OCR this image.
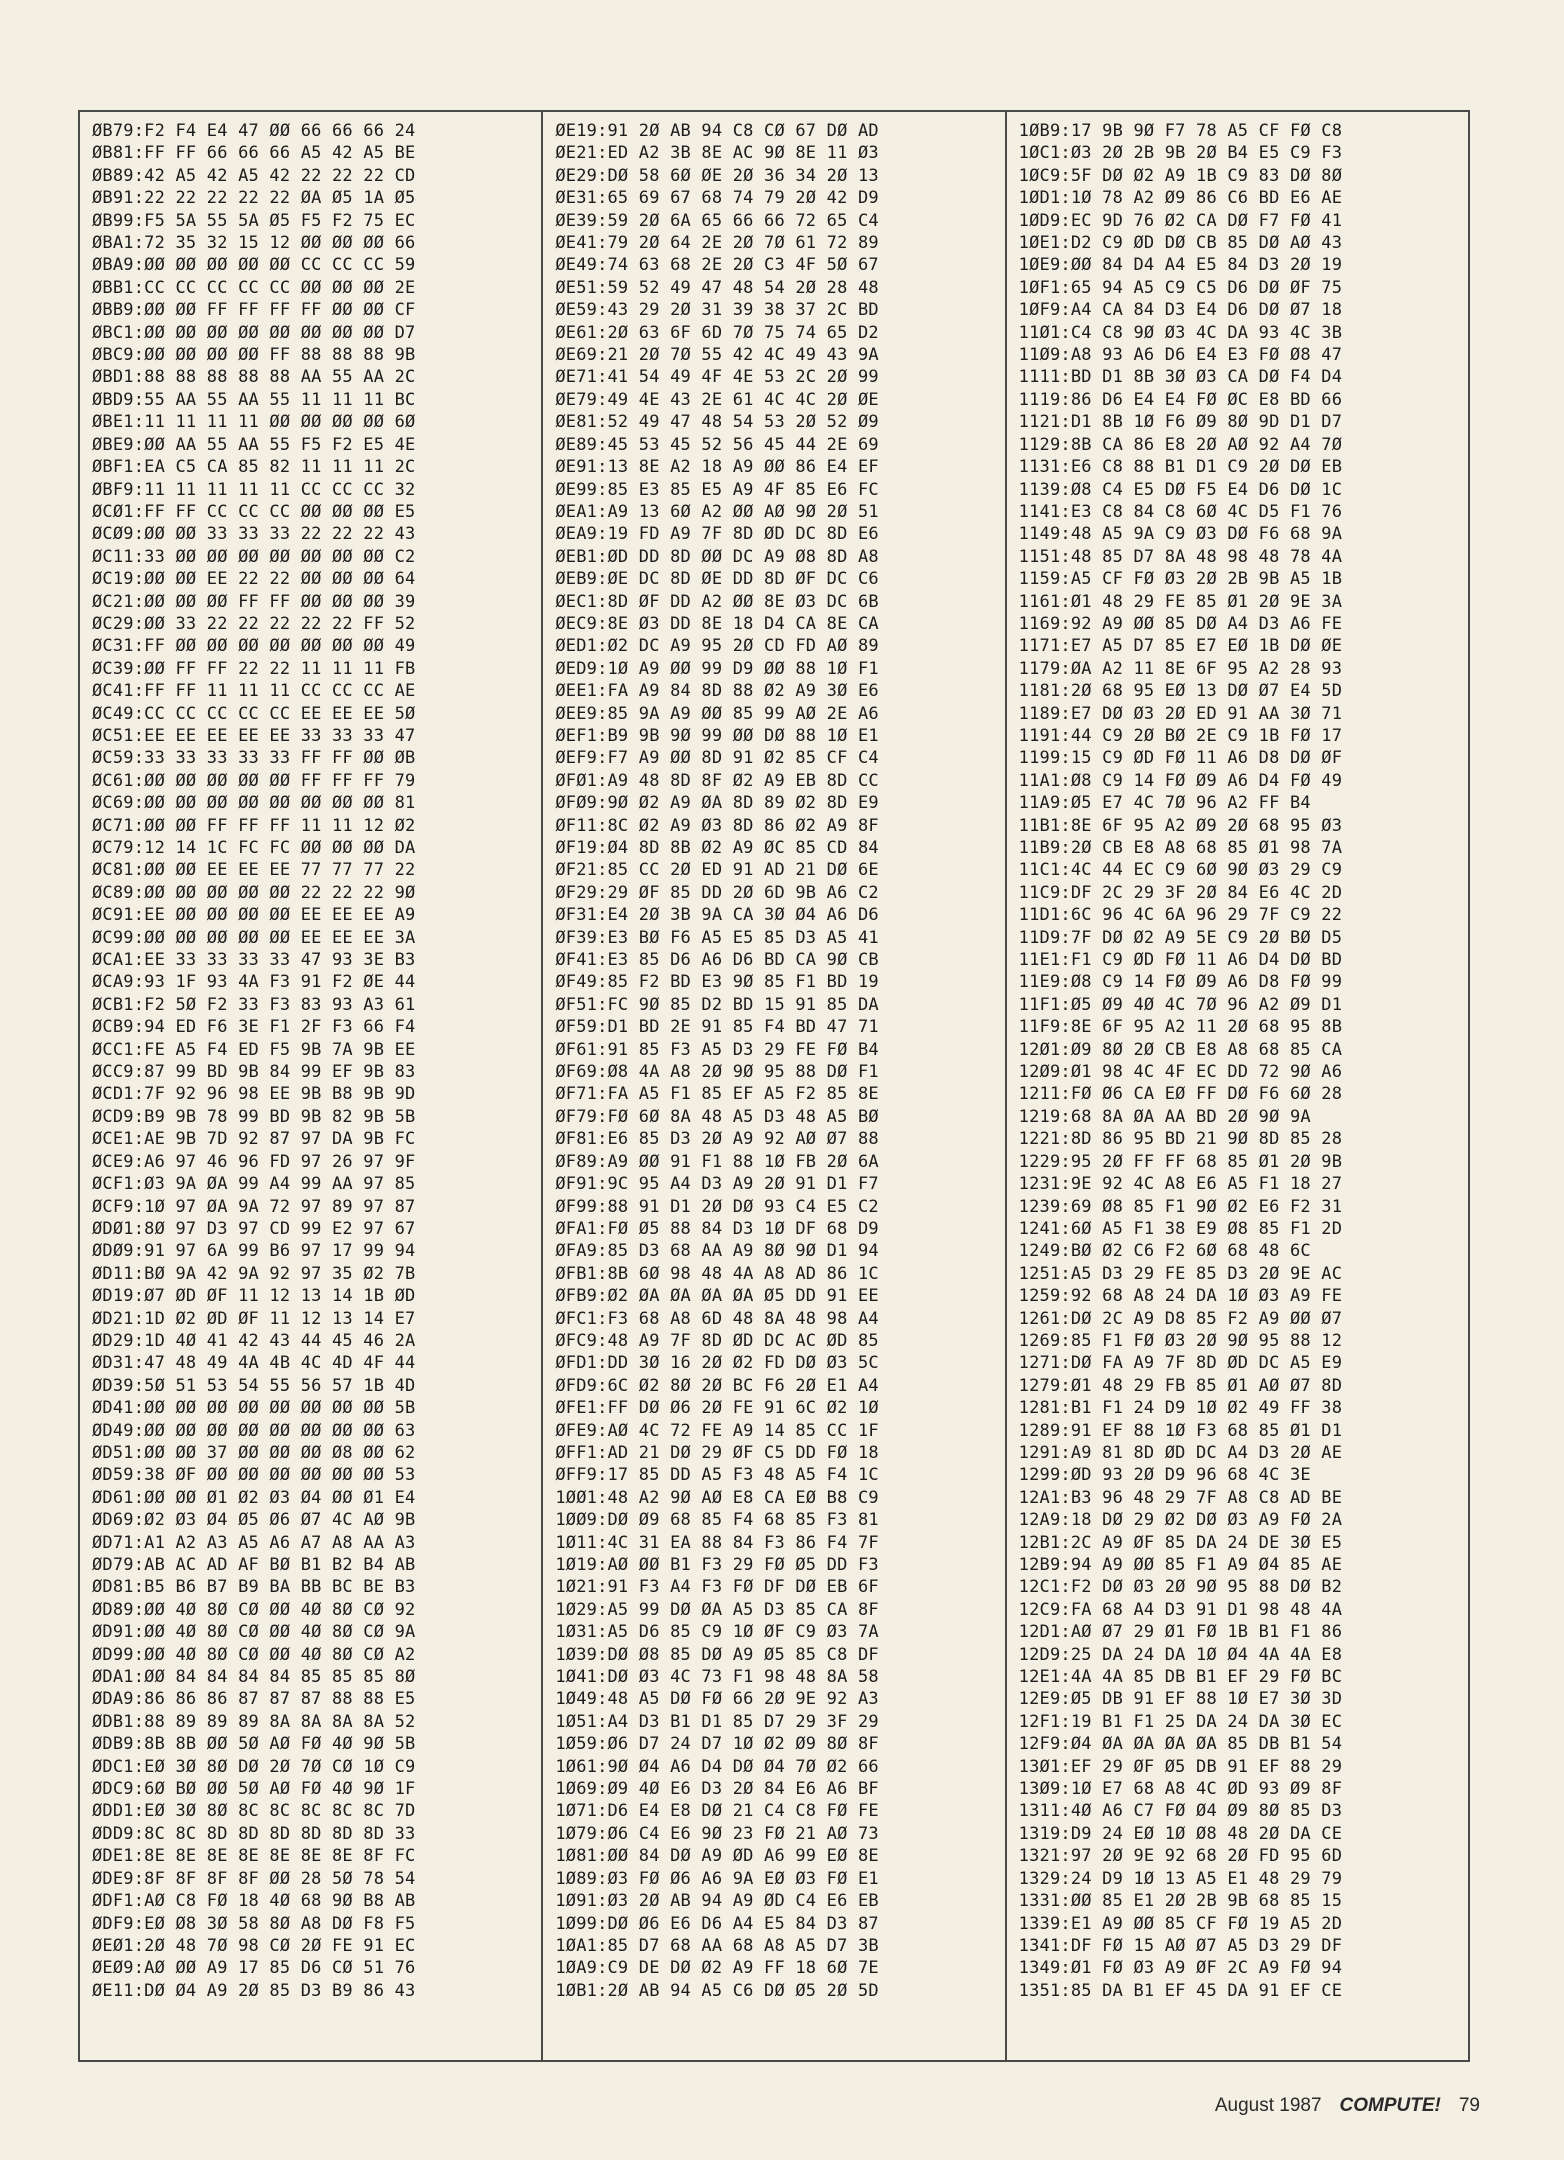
ØB79:F2 F4 E4 47 ØØ 66 66 66 24
ØB81:FF FF 66 66 66 A5 42 A5 BE
ØB89:42 A5 42 A5 42 22 22 22 CD
ØB91:22 22 22 22 22 ØA Ø5 1A Ø5
ØB99:F5 5A 55 5A Ø5 F5 F2 75 EC
ØBA1:72 35 32 15 12 ØØ ØØ ØØ 66
ØBA9:ØØ ØØ ØØ ØØ ØØ CC CC CC 59
ØBB1:CC CC CC CC CC ØØ ØØ ØØ 2E
ØBB9:ØØ ØØ FF FF FF FF ØØ ØØ CF
ØBC1:ØØ ØØ ØØ ØØ ØØ ØØ ØØ ØØ D7
ØBC9:ØØ ØØ ØØ ØØ FF 88 88 88 9B
ØBD1:88 88 88 88 88 AA 55 AA 2C
ØBD9:55 AA 55 AA 55 11 11 11 BC
ØBE1:11 11 11 11 ØØ ØØ ØØ ØØ 6Ø
ØBE9:ØØ AA 55 AA 55 F5 F2 E5 4E
ØBF1:EA C5 CA 85 82 11 11 11 2C
ØBF9:11 11 11 11 11 CC CC CC 32
ØCØ1:FF FF CC CC CC ØØ ØØ ØØ E5
ØCØ9:ØØ ØØ 33 33 33 22 22 22 43
ØC11:33 ØØ ØØ ØØ ØØ ØØ ØØ ØØ C2
ØC19:ØØ ØØ EE 22 22 ØØ ØØ ØØ 64
ØC21:ØØ ØØ ØØ FF FF ØØ ØØ ØØ 39
ØC29:ØØ 33 22 22 22 22 22 FF 52
ØC31:FF ØØ ØØ ØØ ØØ ØØ ØØ ØØ 49
ØC39:ØØ FF FF 22 22 11 11 11 FB
ØC41:FF FF 11 11 11 CC CC CC AE
ØC49:CC CC CC CC CC EE EE EE 5Ø
ØC51:EE EE EE EE EE 33 33 33 47
ØC59:33 33 33 33 33 FF FF ØØ ØB
ØC61:ØØ ØØ ØØ ØØ ØØ FF FF FF 79
ØC69:ØØ ØØ ØØ ØØ ØØ ØØ ØØ ØØ 81
ØC71:ØØ ØØ FF FF FF 11 11 12 Ø2
ØC79:12 14 1C FC FC ØØ ØØ ØØ DA
ØC81:ØØ ØØ EE EE EE 77 77 77 22
ØC89:ØØ ØØ ØØ ØØ ØØ 22 22 22 9Ø
ØC91:EE ØØ ØØ ØØ ØØ EE EE EE A9
ØC99:ØØ ØØ ØØ ØØ ØØ EE EE EE 3A
ØCA1:EE 33 33 33 33 47 93 3E B3
ØCA9:93 1F 93 4A F3 91 F2 ØE 44
ØCB1:F2 5Ø F2 33 F3 83 93 A3 61
ØCB9:94 ED F6 3E F1 2F F3 66 F4
ØCC1:FE A5 F4 ED F5 9B 7A 9B EE
ØCC9:87 99 BD 9B 84 99 EF 9B 83
ØCD1:7F 92 96 98 EE 9B B8 9B 9D
ØCD9:B9 9B 78 99 BD 9B 82 9B 5B
ØCE1:AE 9B 7D 92 87 97 DA 9B FC
ØCE9:A6 97 46 96 FD 97 26 97 9F
ØCF1:Ø3 9A ØA 99 A4 99 AA 97 85
ØCF9:1Ø 97 ØA 9A 72 97 89 97 87
ØDØ1:8Ø 97 D3 97 CD 99 E2 97 67
ØDØ9:91 97 6A 99 B6 97 17 99 94
ØD11:BØ 9A 42 9A 92 97 35 Ø2 7B
ØD19:Ø7 ØD ØF 11 12 13 14 1B ØD
ØD21:1D Ø2 ØD ØF 11 12 13 14 E7
ØD29:1D 4Ø 41 42 43 44 45 46 2A
ØD31:47 48 49 4A 4B 4C 4D 4F 44
ØD39:5Ø 51 53 54 55 56 57 1B 4D
ØD41:ØØ ØØ ØØ ØØ ØØ ØØ ØØ ØØ 5B
ØD49:ØØ ØØ ØØ ØØ ØØ ØØ ØØ ØØ 63
ØD51:ØØ ØØ 37 ØØ ØØ ØØ Ø8 ØØ 62
ØD59:38 ØF ØØ ØØ ØØ ØØ ØØ ØØ 53
ØD61:ØØ ØØ Ø1 Ø2 Ø3 Ø4 ØØ Ø1 E4
ØD69:Ø2 Ø3 Ø4 Ø5 Ø6 Ø7 4C AØ 9B
ØD71:A1 A2 A3 A5 A6 A7 A8 AA A3
ØD79:AB AC AD AF BØ B1 B2 B4 AB
ØD81:B5 B6 B7 B9 BA BB BC BE B3
ØD89:ØØ 4Ø 8Ø CØ ØØ 4Ø 8Ø CØ 92
ØD91:ØØ 4Ø 8Ø CØ ØØ 4Ø 8Ø CØ 9A
ØD99:ØØ 4Ø 8Ø CØ ØØ 4Ø 8Ø CØ A2
ØDA1:ØØ 84 84 84 84 85 85 85 8Ø
ØDA9:86 86 86 87 87 87 88 88 E5
ØDB1:88 89 89 89 8A 8A 8A 8A 52
ØDB9:8B 8B ØØ 5Ø AØ FØ 4Ø 9Ø 5B
ØDC1:EØ 3Ø 8Ø DØ 2Ø 7Ø CØ 1Ø C9
ØDC9:6Ø BØ ØØ 5Ø AØ FØ 4Ø 9Ø 1F
ØDD1:EØ 3Ø 8Ø 8C 8C 8C 8C 8C 7D
ØDD9:8C 8C 8D 8D 8D 8D 8D 8D 33
ØDE1:8E 8E 8E 8E 8E 8E 8E 8F FC
ØDE9:8F 8F 8F 8F ØØ 28 5Ø 78 54
ØDF1:AØ C8 FØ 18 4Ø 68 9Ø B8 AB
ØDF9:EØ Ø8 3Ø 58 8Ø A8 DØ F8 F5
ØEØ1:2Ø 48 7Ø 98 CØ 2Ø FE 91 EC
ØEØ9:AØ ØØ A9 17 85 D6 CØ 51 76
ØE11:DØ Ø4 A9 2Ø 85 D3 B9 86 43
ØE19:91 2Ø AB 94 C8 CØ 67 DØ AD
ØE21:ED A2 3B 8E AC 9Ø 8E 11 Ø3
ØE29:DØ 58 6Ø ØE 2Ø 36 34 2Ø 13
ØE31:65 69 67 68 74 79 2Ø 42 D9
ØE39:59 2Ø 6A 65 66 66 72 65 C4
ØE41:79 2Ø 64 2E 2Ø 7Ø 61 72 89
ØE49:74 63 68 2E 2Ø C3 4F 5Ø 67
ØE51:59 52 49 47 48 54 2Ø 28 48
ØE59:43 29 2Ø 31 39 38 37 2C BD
ØE61:2Ø 63 6F 6D 7Ø 75 74 65 D2
ØE69:21 2Ø 7Ø 55 42 4C 49 43 9A
ØE71:41 54 49 4F 4E 53 2C 2Ø 99
ØE79:49 4E 43 2E 61 4C 4C 2Ø ØE
ØE81:52 49 47 48 54 53 2Ø 52 Ø9
ØE89:45 53 45 52 56 45 44 2E 69
ØE91:13 8E A2 18 A9 ØØ 86 E4 EF
ØE99:85 E3 85 E5 A9 4F 85 E6 FC
ØEA1:A9 13 6Ø A2 ØØ AØ 9Ø 2Ø 51
ØEA9:19 FD A9 7F 8D ØD DC 8D E6
ØEB1:ØD DD 8D ØØ DC A9 Ø8 8D A8
ØEB9:ØE DC 8D ØE DD 8D ØF DC C6
ØEC1:8D ØF DD A2 ØØ 8E Ø3 DC 6B
ØEC9:8E Ø3 DD 8E 18 D4 CA 8E CA
ØED1:Ø2 DC A9 95 2Ø CD FD AØ 89
ØED9:1Ø A9 ØØ 99 D9 ØØ 88 1Ø F1
ØEE1:FA A9 84 8D 88 Ø2 A9 3Ø E6
ØEE9:85 9A A9 ØØ 85 99 AØ 2E A6
ØEF1:B9 9B 9Ø 99 ØØ DØ 88 1Ø E1
ØEF9:F7 A9 ØØ 8D 91 Ø2 85 CF C4
ØFØ1:A9 48 8D 8F Ø2 A9 EB 8D CC
ØFØ9:9Ø Ø2 A9 ØA 8D 89 Ø2 8D E9
ØF11:8C Ø2 A9 Ø3 8D 86 Ø2 A9 8F
ØF19:Ø4 8D 8B Ø2 A9 ØC 85 CD 84
ØF21:85 CC 2Ø ED 91 AD 21 DØ 6E
ØF29:29 ØF 85 DD 2Ø 6D 9B A6 C2
ØF31:E4 2Ø 3B 9A CA 3Ø Ø4 A6 D6
ØF39:E3 BØ F6 A5 E5 85 D3 A5 41
ØF41:E3 85 D6 A6 D6 BD CA 9Ø CB
ØF49:85 F2 BD E3 9Ø 85 F1 BD 19
ØF51:FC 9Ø 85 D2 BD 15 91 85 DA
ØF59:D1 BD 2E 91 85 F4 BD 47 71
ØF61:91 85 F3 A5 D3 29 FE FØ B4
ØF69:Ø8 4A A8 2Ø 9Ø 95 88 DØ F1
ØF71:FA A5 F1 85 EF A5 F2 85 8E
ØF79:FØ 6Ø 8A 48 A5 D3 48 A5 BØ
ØF81:E6 85 D3 2Ø A9 92 AØ Ø7 88
ØF89:A9 ØØ 91 F1 88 1Ø FB 2Ø 6A
ØF91:9C 95 A4 D3 A9 2Ø 91 D1 F7
ØF99:88 91 D1 2Ø DØ 93 C4 E5 C2
ØFA1:FØ Ø5 88 84 D3 1Ø DF 68 D9
ØFA9:85 D3 68 AA A9 8Ø 9Ø D1 94
ØFB1:8B 6Ø 98 48 4A A8 AD 86 1C
ØFB9:Ø2 ØA ØA ØA ØA Ø5 DD 91 EE
ØFC1:F3 68 A8 6D 48 8A 48 98 A4
ØFC9:48 A9 7F 8D ØD DC AC ØD 85
ØFD1:DD 3Ø 16 2Ø Ø2 FD DØ Ø3 5C
ØFD9:6C Ø2 8Ø 2Ø BC F6 2Ø E1 A4
ØFE1:FF DØ Ø6 2Ø FE 91 6C Ø2 1Ø
ØFE9:AØ 4C 72 FE A9 14 85 CC 1F
ØFF1:AD 21 DØ 29 ØF C5 DD FØ 18
ØFF9:17 85 DD A5 F3 48 A5 F4 1C
1ØØ1:48 A2 9Ø AØ E8 CA EØ B8 C9
1ØØ9:DØ Ø9 68 85 F4 68 85 F3 81
1Ø11:4C 31 EA 88 84 F3 86 F4 7F
1Ø19:AØ ØØ B1 F3 29 FØ Ø5 DD F3
1Ø21:91 F3 A4 F3 FØ DF DØ EB 6F
1Ø29:A5 99 DØ ØA A5 D3 85 CA 8F
1Ø31:A5 D6 85 C9 1Ø ØF C9 Ø3 7A
1Ø39:DØ Ø8 85 DØ A9 Ø5 85 C8 DF
1Ø41:DØ Ø3 4C 73 F1 98 48 8A 58
1Ø49:48 A5 DØ FØ 66 2Ø 9E 92 A3
1Ø51:A4 D3 B1 D1 85 D7 29 3F 29
1Ø59:Ø6 D7 24 D7 1Ø Ø2 Ø9 8Ø 8F
1Ø61:9Ø Ø4 A6 D4 DØ Ø4 7Ø Ø2 66
1Ø69:Ø9 4Ø E6 D3 2Ø 84 E6 A6 BF
1Ø71:D6 E4 E8 DØ 21 C4 C8 FØ FE
1Ø79:Ø6 C4 E6 9Ø 23 FØ 21 AØ 73
1Ø81:ØØ 84 DØ A9 ØD A6 99 EØ 8E
1Ø89:Ø3 FØ Ø6 A6 9A EØ Ø3 FØ E1
1Ø91:Ø3 2Ø AB 94 A9 ØD C4 E6 EB
1Ø99:DØ Ø6 E6 D6 A4 E5 84 D3 87
1ØA1:85 D7 68 AA 68 A8 A5 D7 3B
1ØA9:C9 DE DØ Ø2 A9 FF 18 6Ø 7E
1ØB1:2Ø AB 94 A5 C6 DØ Ø5 2Ø 5D
1ØB9:17 9B 9Ø F7 78 A5 CF FØ C8
1ØC1:Ø3 2Ø 2B 9B 2Ø B4 E5 C9 F3
1ØC9:5F DØ Ø2 A9 1B C9 83 DØ 8Ø
1ØD1:1Ø 78 A2 Ø9 86 C6 BD E6 AE
1ØD9:EC 9D 76 Ø2 CA DØ F7 FØ 41
1ØE1:D2 C9 ØD DØ CB 85 DØ AØ 43
1ØE9:ØØ 84 D4 A4 E5 84 D3 2Ø 19
1ØF1:65 94 A5 C9 C5 D6 DØ ØF 75
1ØF9:A4 CA 84 D3 E4 D6 DØ Ø7 18
11Ø1:C4 C8 9Ø Ø3 4C DA 93 4C 3B
11Ø9:A8 93 A6 D6 E4 E3 FØ Ø8 47
1111:BD D1 8B 3Ø Ø3 CA DØ F4 D4
1119:86 D6 E4 E4 FØ ØC E8 BD 66
1121:D1 8B 1Ø F6 Ø9 8Ø 9D D1 D7
1129:8B CA 86 E8 2Ø AØ 92 A4 7Ø
1131:E6 C8 88 B1 D1 C9 2Ø DØ EB
1139:Ø8 C4 E5 DØ F5 E4 D6 DØ 1C
1141:E3 C8 84 C8 6Ø 4C D5 F1 76
1149:48 A5 9A C9 Ø3 DØ F6 68 9A
1151:48 85 D7 8A 48 98 48 78 4A
1159:A5 CF FØ Ø3 2Ø 2B 9B A5 1B
1161:Ø1 48 29 FE 85 Ø1 2Ø 9E 3A
1169:92 A9 ØØ 85 DØ A4 D3 A6 FE
1171:E7 A5 D7 85 E7 EØ 1B DØ ØE
1179:ØA A2 11 8E 6F 95 A2 28 93
1181:2Ø 68 95 EØ 13 DØ Ø7 E4 5D
1189:E7 DØ Ø3 2Ø ED 91 AA 3Ø 71
1191:44 C9 2Ø BØ 2E C9 1B FØ 17
1199:15 C9 ØD FØ 11 A6 D8 DØ ØF
11A1:Ø8 C9 14 FØ Ø9 A6 D4 FØ 49
11A9:Ø5 E7 4C 7Ø 96 A2 FF B4
11B1:8E 6F 95 A2 Ø9 2Ø 68 95 Ø3
11B9:2Ø CB E8 A8 68 85 Ø1 98 7A
11C1:4C 44 EC C9 6Ø 9Ø Ø3 29 C9
11C9:DF 2C 29 3F 2Ø 84 E6 4C 2D
11D1:6C 96 4C 6A 96 29 7F C9 22
11D9:7F DØ Ø2 A9 5E C9 2Ø BØ D5
11E1:F1 C9 ØD FØ 11 A6 D4 DØ BD
11E9:Ø8 C9 14 FØ Ø9 A6 D8 FØ 99
11F1:Ø5 Ø9 4Ø 4C 7Ø 96 A2 Ø9 D1
11F9:8E 6F 95 A2 11 2Ø 68 95 8B
12Ø1:Ø9 8Ø 2Ø CB E8 A8 68 85 CA
12Ø9:Ø1 98 4C 4F EC DD 72 9Ø A6
1211:FØ Ø6 CA EØ FF DØ F6 6Ø 28
1219:68 8A ØA AA BD 2Ø 9Ø 9A
1221:8D 86 95 BD 21 9Ø 8D 85 28
1229:95 2Ø FF FF 68 85 Ø1 2Ø 9B
1231:9E 92 4C A8 E6 A5 F1 18 27
1239:69 Ø8 85 F1 9Ø Ø2 E6 F2 31
1241:6Ø A5 F1 38 E9 Ø8 85 F1 2D
1249:BØ Ø2 C6 F2 6Ø 68 48 6C
1251:A5 D3 29 FE 85 D3 2Ø 9E AC
1259:92 68 A8 24 DA 1Ø Ø3 A9 FE
1261:DØ 2C A9 D8 85 F2 A9 ØØ Ø7
1269:85 F1 FØ Ø3 2Ø 9Ø 95 88 12
1271:DØ FA A9 7F 8D ØD DC A5 E9
1279:Ø1 48 29 FB 85 Ø1 AØ Ø7 8D
1281:B1 F1 24 D9 1Ø Ø2 49 FF 38
1289:91 EF 88 1Ø F3 68 85 Ø1 D1
1291:A9 81 8D ØD DC A4 D3 2Ø AE
1299:ØD 93 2Ø D9 96 68 4C 3E
12A1:B3 96 48 29 7F A8 C8 AD BE
12A9:18 DØ 29 Ø2 DØ Ø3 A9 FØ 2A
12B1:2C A9 ØF 85 DA 24 DE 3Ø E5
12B9:94 A9 ØØ 85 F1 A9 Ø4 85 AE
12C1:F2 DØ Ø3 2Ø 9Ø 95 88 DØ B2
12C9:FA 68 A4 D3 91 D1 98 48 4A
12D1:AØ Ø7 29 Ø1 FØ 1B B1 F1 86
12D9:25 DA 24 DA 1Ø Ø4 4A 4A E8
12E1:4A 4A 85 DB B1 EF 29 FØ BC
12E9:Ø5 DB 91 EF 88 1Ø E7 3Ø 3D
12F1:19 B1 F1 25 DA 24 DA 3Ø EC
12F9:Ø4 ØA ØA ØA ØA 85 DB B1 54
13Ø1:EF 29 ØF Ø5 DB 91 EF 88 29
13Ø9:1Ø E7 68 A8 4C ØD 93 Ø9 8F
1311:4Ø A6 C7 FØ Ø4 Ø9 8Ø 85 D3
1319:D9 24 EØ 1Ø Ø8 48 2Ø DA CE
1321:97 2Ø 9E 92 68 2Ø FD 95 6D
1329:24 D9 1Ø 13 A5 E1 48 29 79
1331:ØØ 85 E1 2Ø 2B 9B 68 85 15
1339:E1 A9 ØØ 85 CF FØ 19 A5 2D
1341:DF FØ 15 AØ Ø7 A5 D3 29 DF
1349:Ø1 FØ Ø3 A9 ØF 2C A9 FØ 94
1351:85 DA B1 EF 45 DA 91 EF CE
August 1987 COMPUTE! 79
